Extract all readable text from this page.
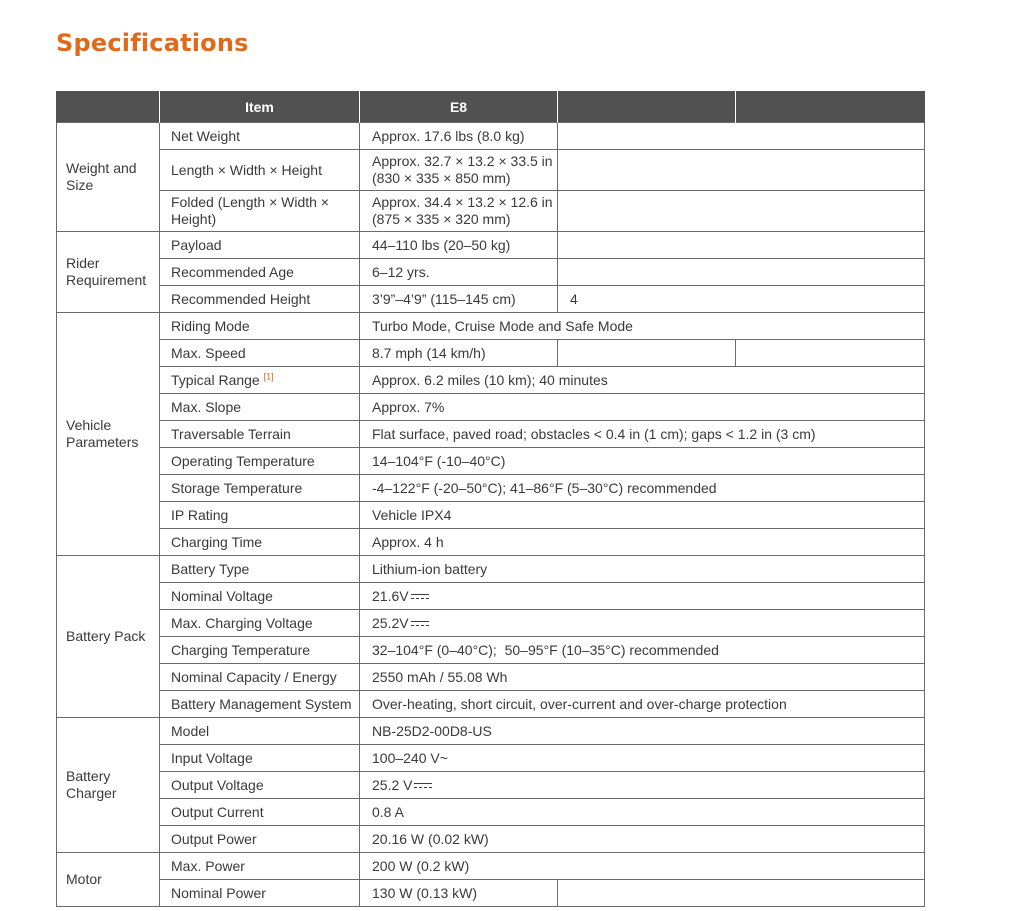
Specifications
	Item	E8		
Weight and Size	Net Weight	Approx. 17.6 lbs (8.0 kg)		
	Length × Width × Height	Approx. 32.7 × 13.2 × 33.5 in (830 × 335 × 850 mm)		
	Folded (Length × Width × Height)	Approx. 34.4 × 13.2 × 12.6 in (875 × 335 × 320 mm)		
Rider Requirement	Payload	44–110 lbs (20–50 kg)		
	Recommended Age	6–12 yrs.		
	Recommended Height	3’9”–4’9” (115–145 cm)	4	
Vehicle Parameters	Riding Mode	Turbo Mode, Cruise Mode and Safe Mode		
	Max. Speed	8.7 mph (14 km/h)		
	Typical Range [1]	Approx. 6.2 miles (10 km); 40 minutes		
	Max. Slope	Approx. 7%		
	Traversable Terrain	Flat surface, paved road; obstacles < 0.4 in (1 cm); gaps < 1.2 in (3 cm)		
	Operating Temperature	14–104°F (-10–40°C)		
	Storage Temperature	-4–122°F (-20–50°C); 41–86°F (5–30°C) recommended		
	IP Rating	Vehicle IPX4		
	Charging Time	Approx. 4 h		
Battery Pack	Battery Type	Lithium-ion battery		
	Nominal Voltage	21.6V		
	Max. Charging Voltage	25.2V		
	Charging Temperature	32–104°F (0–40°C);  50–95°F (10–35°C) recommended		
	Nominal Capacity / Energy	2550 mAh / 55.08 Wh		
	Battery Management System	Over-heating, short circuit, over-current and over-charge protection		
Battery Charger	Model	NB-25D2-00D8-US		
	Input Voltage	100–240 V~		
	Output Voltage	25.2 V		
	Output Current	0.8 A		
	Output Power	20.16 W (0.02 kW)		
Motor	Max. Power	200 W (0.2 kW)		
	Nominal Power	130 W (0.13 kW)		
